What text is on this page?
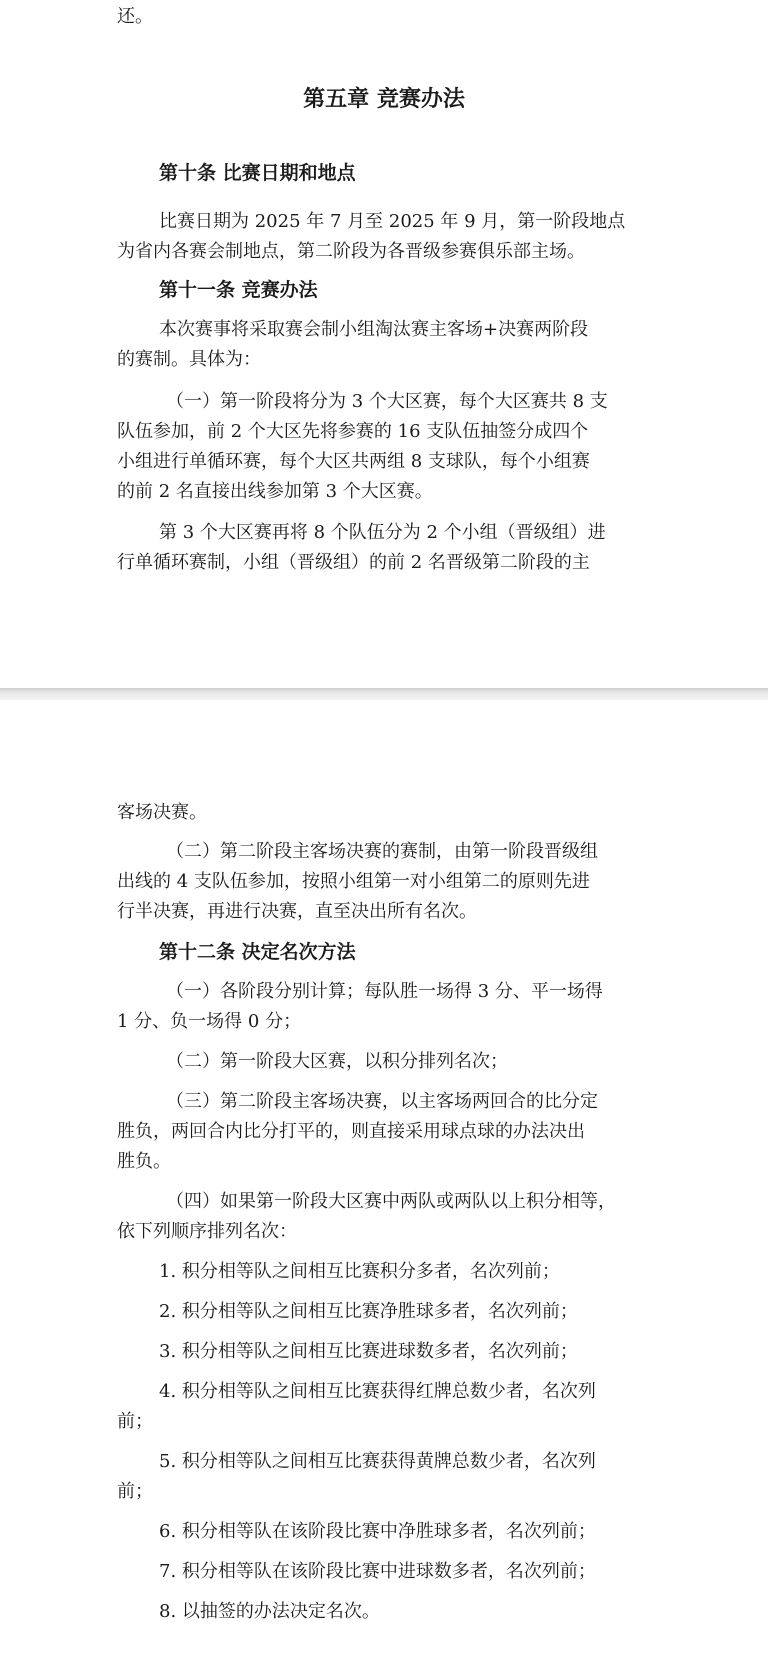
还。

第五章 竞赛办法

第十条 比赛日期和地点

比赛日期为 2025 年 7 月至 2025 年 9 月，第一阶段地点

为省内各赛会制地点，第二阶段为各晋级参赛俱乐部主场。

第十一条 竞赛办法

本次赛事将采取赛会制小组淘汰赛主客场+决赛两阶段

的赛制。具体为：

（一）第一阶段将分为 3 个大区赛，每个大区赛共 8 支

队伍参加，前 2 个大区先将参赛的 16 支队伍抽签分成四个

小组进行单循环赛，每个大区共两组 8 支球队，每个小组赛

的前 2 名直接出线参加第 3 个大区赛。

第 3 个大区赛再将 8 个队伍分为 2 个小组（晋级组）进

行单循环赛制，小组（晋级组）的前 2 名晋级第二阶段的主

客场决赛。

（二）第二阶段主客场决赛的赛制，由第一阶段晋级组

出线的 4 支队伍参加，按照小组第一对小组第二的原则先进

行半决赛，再进行决赛，直至决出所有名次。

第十二条 决定名次方法

（一）各阶段分别计算；每队胜一场得 3 分、平一场得

1 分、负一场得 0 分；

（二）第一阶段大区赛，以积分排列名次；

（三）第二阶段主客场决赛，以主客场两回合的比分定

胜负，两回合内比分打平的，则直接采用球点球的办法决出

胜负。

（四）如果第一阶段大区赛中两队或两队以上积分相等，

依下列顺序排列名次：

1. 积分相等队之间相互比赛积分多者，名次列前；

2. 积分相等队之间相互比赛净胜球多者，名次列前；

3. 积分相等队之间相互比赛进球数多者，名次列前；

4. 积分相等队之间相互比赛获得红牌总数少者，名次列

前；

5. 积分相等队之间相互比赛获得黄牌总数少者，名次列

前；

6. 积分相等队在该阶段比赛中净胜球多者，名次列前；

7. 积分相等队在该阶段比赛中进球数多者，名次列前；

8. 以抽签的办法决定名次。
